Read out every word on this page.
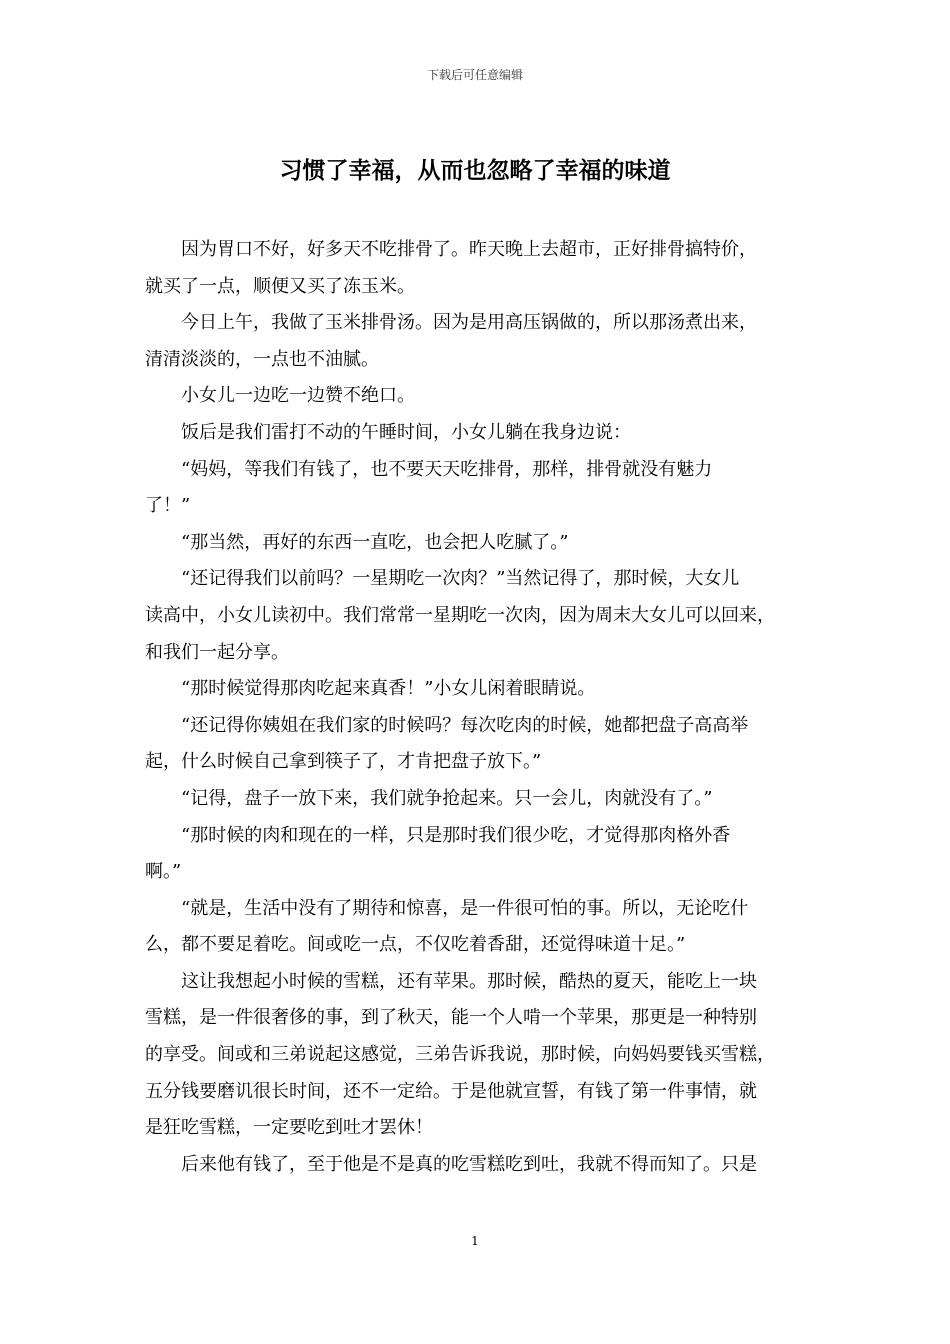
下载后可任意编辑
习惯了幸福，从而也忽略了幸福的味道

因为胃口不好，好多天不吃排骨了。昨天晚上去超市，正好排骨搞特价，
就买了一点，顺便又买了冻玉米。

今日上午，我做了玉米排骨汤。因为是用高压锅做的，所以那汤煮出来，
清清淡淡的，一点也不油腻。

小女儿一边吃一边赞不绝口。

饭后是我们雷打不动的午睡时间，小女儿躺在我身边说：

“妈妈，等我们有钱了，也不要天天吃排骨，那样，排骨就没有魅力
了！”

“那当然，再好的东西一直吃，也会把人吃腻了。”

“还记得我们以前吗？一星期吃一次肉？”当然记得了，那时候，大女儿
读高中，小女儿读初中。我们常常一星期吃一次肉，因为周末大女儿可以回来，
和我们一起分享。

“那时候觉得那肉吃起来真香！”小女儿闲着眼睛说。

“还记得你姨姐在我们家的时候吗？每次吃肉的时候，她都把盘子高高举
起，什么时候自己拿到筷子了，才肯把盘子放下。”

“记得，盘子一放下来，我们就争抢起来。只一会儿，肉就没有了。”

“那时候的肉和现在的一样，只是那时我们很少吃，才觉得那肉格外香
啊。”

“就是，生活中没有了期待和惊喜，是一件很可怕的事。所以，无论吃什
么，都不要足着吃。间或吃一点，不仅吃着香甜，还觉得味道十足。”

这让我想起小时候的雪糕，还有苹果。那时候，酷热的夏天，能吃上一块
雪糕，是一件很奢侈的事，到了秋天，能一个人啃一个苹果，那更是一种特别
的享受。间或和三弟说起这感觉，三弟告诉我说，那时候，向妈妈要钱买雪糕，
五分钱要磨讥很长时间，还不一定给。于是他就宣誓，有钱了第一件事情，就
是狂吃雪糕，一定要吃到吐才罢休！

后来他有钱了，至于他是不是真的吃雪糕吃到吐，我就不得而知了。只是

1
